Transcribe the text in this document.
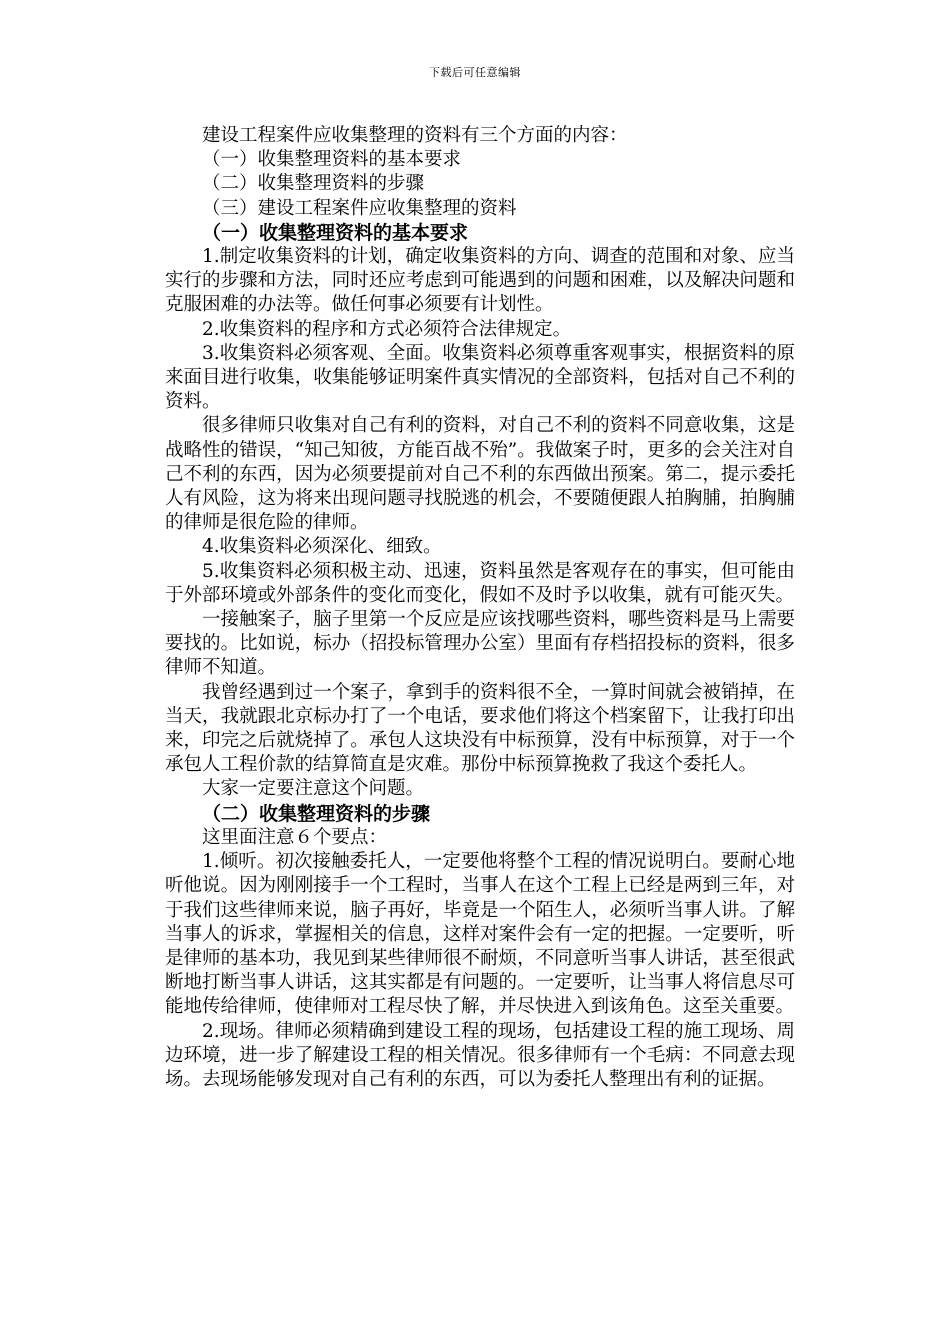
下载后可任意编辑

建设工程案件应收集整理的资料有三个方面的内容：

（一）收集整理资料的基本要求

（二）收集整理资料的步骤

（三）建设工程案件应收集整理的资料

（一）收集整理资料的基本要求

1.制定收集资料的计划，确定收集资料的方向、调查的范围和对象、应当实行的步骤和方法，同时还应考虑到可能遇到的问题和困难，以及解决问题和克服困难的办法等。做任何事必须要有计划性。

2.收集资料的程序和方式必须符合法律规定。

3.收集资料必须客观、全面。收集资料必须尊重客观事实，根据资料的原来面目进行收集，收集能够证明案件真实情况的全部资料，包括对自己不利的资料。

很多律师只收集对自己有利的资料，对自己不利的资料不同意收集，这是战略性的错误，“知己知彼，方能百战不殆”。我做案子时，更多的会关注对自己不利的东西，因为必须要提前对自己不利的东西做出预案。第二，提示委托人有风险，这为将来出现问题寻找脱逃的机会，不要随便跟人拍胸脯，拍胸脯的律师是很危险的律师。

4.收集资料必须深化、细致。

5.收集资料必须积极主动、迅速，资料虽然是客观存在的事实，但可能由于外部环境或外部条件的变化而变化，假如不及时予以收集，就有可能灭失。

一接触案子，脑子里第一个反应是应该找哪些资料，哪些资料是马上需要要找的。比如说，标办（招投标管理办公室）里面有存档招投标的资料，很多律师不知道。

我曾经遇到过一个案子，拿到手的资料很不全，一算时间就会被销掉，在当天，我就跟北京标办打了一个电话，要求他们将这个档案留下，让我打印出来，印完之后就烧掉了。承包人这块没有中标预算，没有中标预算，对于一个承包人工程价款的结算简直是灾难。那份中标预算挽救了我这个委托人。

大家一定要注意这个问题。

（二）收集整理资料的步骤

这里面注意６个要点：

1.倾听。初次接触委托人，一定要他将整个工程的情况说明白。要耐心地听他说。因为刚刚接手一个工程时，当事人在这个工程上已经是两到三年，对于我们这些律师来说，脑子再好，毕竟是一个陌生人，必须听当事人讲。了解当事人的诉求，掌握相关的信息，这样对案件会有一定的把握。一定要听，听是律师的基本功，我见到某些律师很不耐烦，不同意听当事人讲话，甚至很武断地打断当事人讲话，这其实都是有问题的。一定要听，让当事人将信息尽可能地传给律师，使律师对工程尽快了解，并尽快进入到该角色。这至关重要。

2.现场。律师必须精确到建设工程的现场，包括建设工程的施工现场、周边环境，进一步了解建设工程的相关情况。很多律师有一个毛病：不同意去现场。去现场能够发现对自己有利的东西，可以为委托人整理出有利的证据。
